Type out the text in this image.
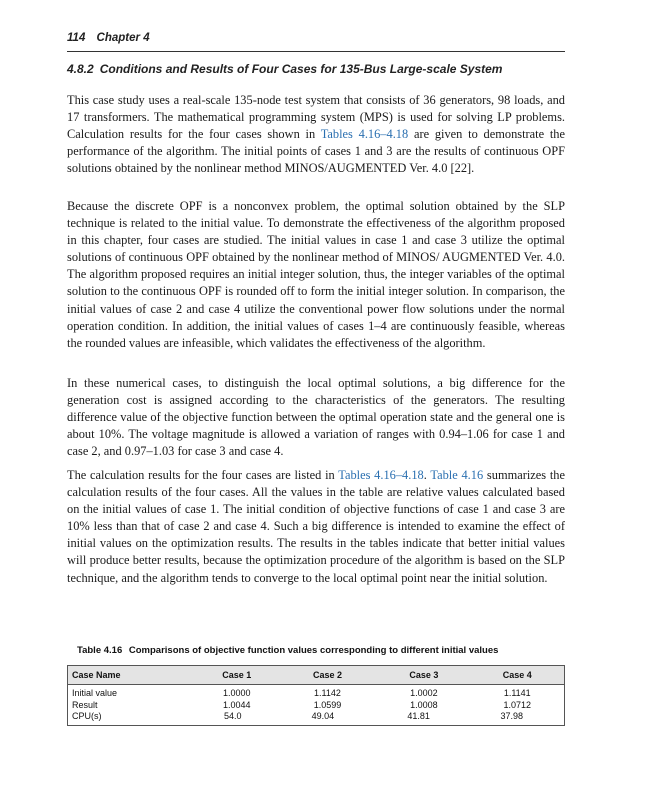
114 Chapter 4
4.8.2 Conditions and Results of Four Cases for 135-Bus Large-scale System

This case study uses a real-scale 135-node test system that consists of 36 generators, 98 loads, and 17 transformers. The mathematical programming system (MPS) is used for solving LP problems. Calculation results for the four cases shown in Tables 4.16–4.18 are given to demonstrate the performance of the algorithm. The initial points of cases 1 and 3 are the results of continuous OPF solutions obtained by the nonlinear method MINOS/AUGMENTED Ver. 4.0 [22].

Because the discrete OPF is a nonconvex problem, the optimal solution obtained by the SLP technique is related to the initial value. To demonstrate the effectiveness of the algorithm proposed in this chapter, four cases are studied. The initial values in case 1 and case 3 utilize the optimal solutions of continuous OPF obtained by the nonlinear method of MINOS/ AUGMENTED Ver. 4.0. The algorithm proposed requires an initial integer solution, thus, the integer variables of the optimal solution to the continuous OPF is rounded off to form the initial integer solution. In comparison, the initial values of case 2 and case 4 utilize the conventional power flow solutions under the normal operation condition. In addition, the initial values of cases 1–4 are continuously feasible, whereas the rounded values are infeasible, which validates the effectiveness of the algorithm.

In these numerical cases, to distinguish the local optimal solutions, a big difference for the generation cost is assigned according to the characteristics of the generators. The resulting difference value of the objective function between the optimal operation state and the general one is about 10%. The voltage magnitude is allowed a variation of ranges with 0.94–1.06 for case 1 and case 2, and 0.97–1.03 for case 3 and case 4.

The calculation results for the four cases are listed in Tables 4.16–4.18. Table 4.16 summarizes the calculation results of the four cases. All the values in the table are relative values calculated based on the initial values of case 1. The initial condition of objective functions of case 1 and case 3 are 10% less than that of case 2 and case 4. Such a big difference is intended to examine the effect of initial values on the optimization results. The results in the tables indicate that better initial values will produce better results, because the optimization procedure of the algorithm is based on the SLP technique, and the algorithm tends to converge to the local optimal point near the initial solution.

Table 4.16 Comparisons of objective function values corresponding to different initial values
Case Name	Case 1	Case 2	Case 3	Case 4
Initial value	1.0000	1.1142	1.0002	1.1141
Result	1.0044	1.0599	1.0008	1.0712
CPU(s)	54.0	49.04	41.81	37.98
